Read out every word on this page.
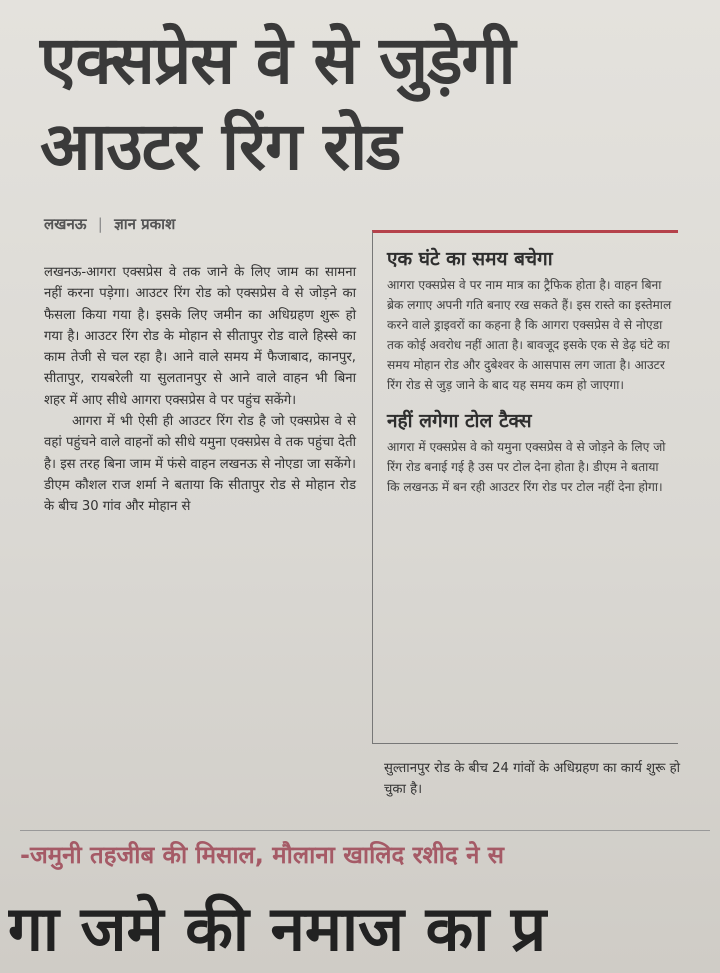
एक्सप्रेस वे से जुड़ेगी
आउटर रिंग रोड
लखनऊ | ज्ञान प्रकाश

लखनऊ-आगरा एक्सप्रेस वे तक जाने के लिए जाम का सामना नहीं करना पड़ेगा। आउटर रिंग रोड को एक्सप्रेस वे से जोड़ने का फैसला किया गया है। इसके लिए जमीन का अधिग्रहण शुरू हो गया है। आउटर रिंग रोड के मोहान से सीतापुर रोड वाले हिस्से का काम तेजी से चल रहा है। आने वाले समय में फैजाबाद, कानपुर, सीतापुर, रायबरेली या सुलतानपुर से आने वाले वाहन भी बिना शहर में आए सीधे आगरा एक्सप्रेस वे पर पहुंच सकेंगे।

आगरा में भी ऐसी ही आउटर रिंग रोड है जो एक्सप्रेस वे से वहां पहुंचने वाले वाहनों को सीधे यमुना एक्सप्रेस वे तक पहुंचा देती है। इस तरह बिना जाम में फंसे वाहन लखनऊ से नोएडा जा सकेंगे। डीएम कौशल राज शर्मा ने बताया कि सीतापुर रोड से मोहान रोड के बीच 30 गांव और मोहान से

एक घंटे का समय बचेगा

आगरा एक्सप्रेस वे पर नाम मात्र का ट्रैफिक होता है। वाहन बिना ब्रेक लगाए अपनी गति बनाए रख सकते हैं। इस रास्ते का इस्तेमाल करने वाले ड्राइवरों का कहना है कि आगरा एक्सप्रेस वे से नोएडा तक कोई अवरोध नहीं आता है। बावजूद इसके एक से डेढ़ घंटे का समय मोहान रोड और दुबेश्वर के आसपास लग जाता है। आउटर रिंग रोड से जुड़ जाने के बाद यह समय कम हो जाएगा।

नहीं लगेगा टोल टैक्स

आगरा में एक्सप्रेस वे को यमुना एक्सप्रेस वे से जोड़ने के लिए जो रिंग रोड बनाई गई है उस पर टोल देना होता है। डीएम ने बताया कि लखनऊ में बन रही आउटर रिंग रोड पर टोल नहीं देना होगा।

सुल्तानपुर रोड के बीच 24 गांवों के अधिग्रहण का कार्य शुरू हो चुका है।
-जमुनी तहजीब की मिसाल, मौलाना खालिद रशीद ने स
गा जमे की नमाज का प्र
